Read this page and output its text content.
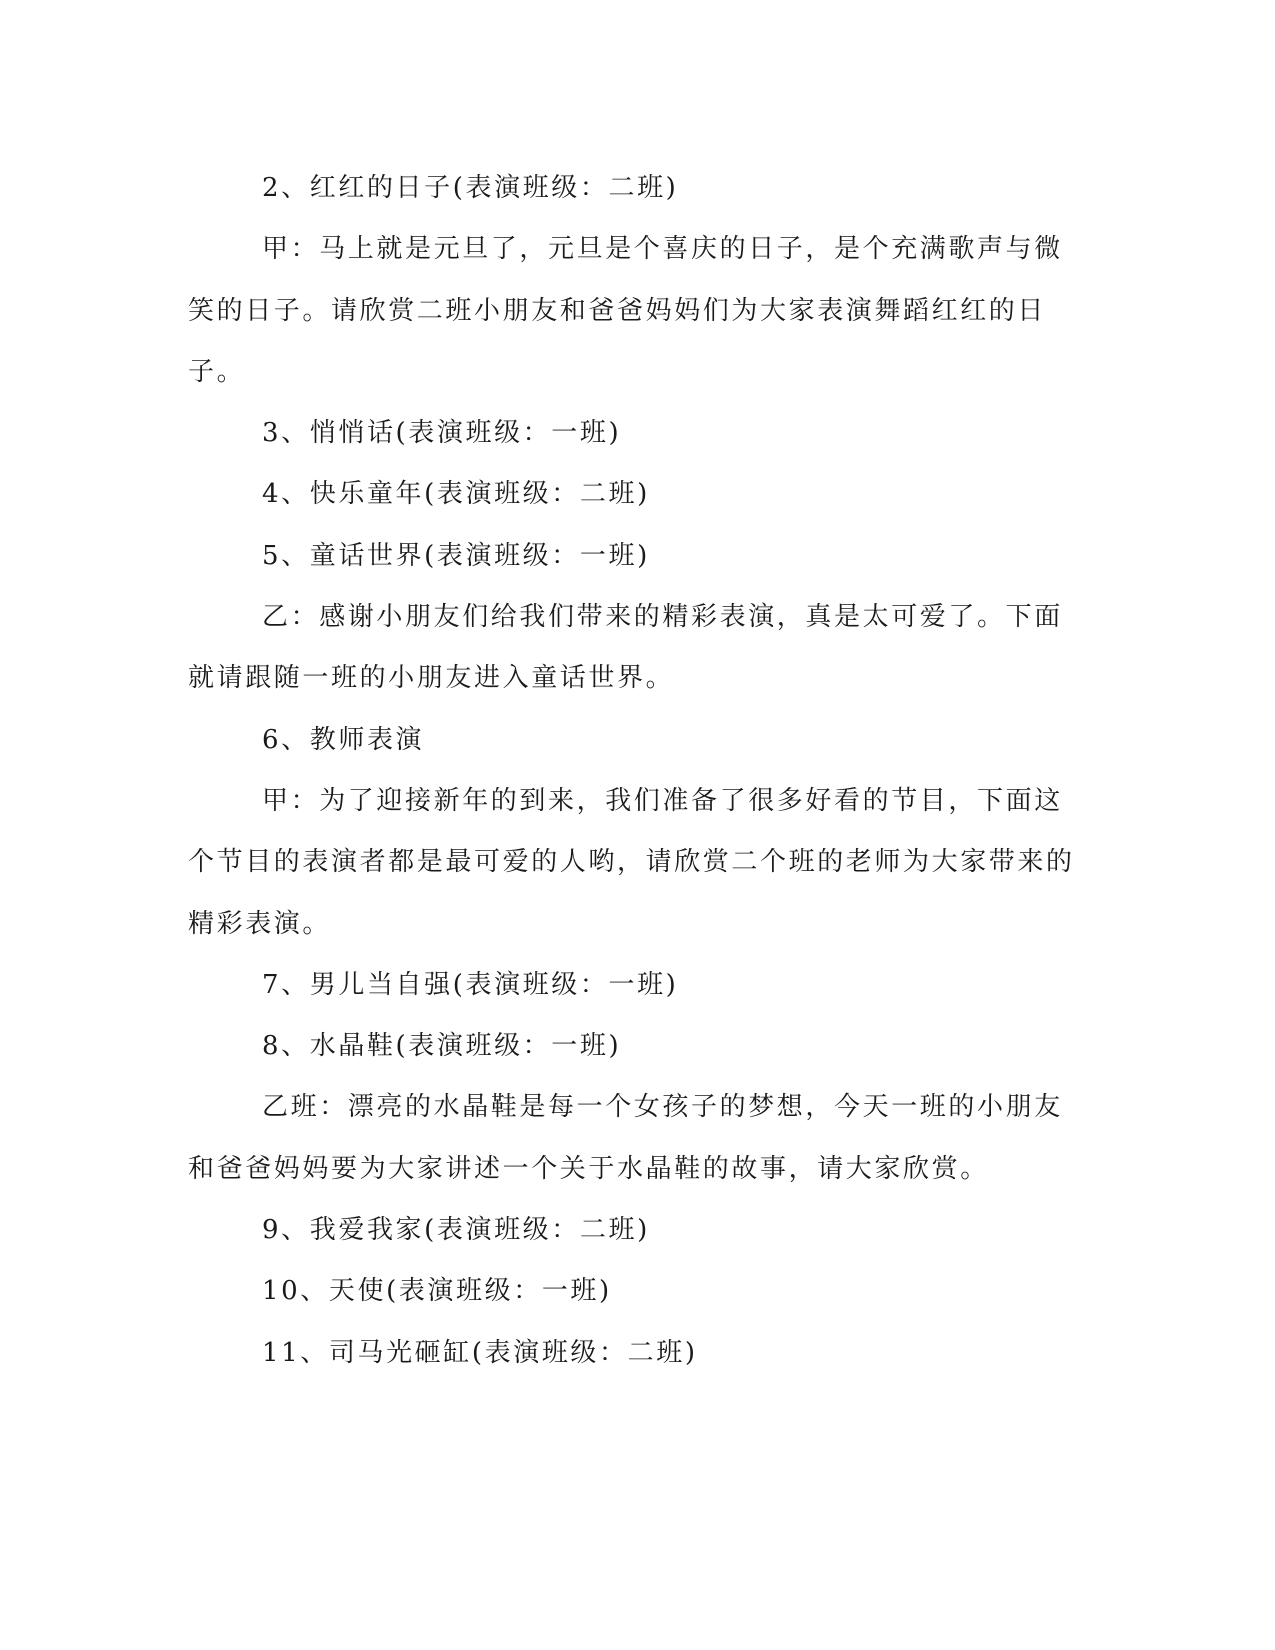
2、红红的日子(表演班级：二班)

甲：马上就是元旦了，元旦是个喜庆的日子，是个充满歌声与微笑的日子。请欣赏二班小朋友和爸爸妈妈们为大家表演舞蹈红红的日子。

3、悄悄话(表演班级：一班)

4、快乐童年(表演班级：二班)

5、童话世界(表演班级：一班)

乙：感谢小朋友们给我们带来的精彩表演，真是太可爱了。下面就请跟随一班的小朋友进入童话世界。

6、教师表演

甲：为了迎接新年的到来，我们准备了很多好看的节目，下面这个节目的表演者都是最可爱的人哟，请欣赏二个班的老师为大家带来的精彩表演。

7、男儿当自强(表演班级：一班)

8、水晶鞋(表演班级：一班)

乙班：漂亮的水晶鞋是每一个女孩子的梦想，今天一班的小朋友和爸爸妈妈要为大家讲述一个关于水晶鞋的故事，请大家欣赏。

9、我爱我家(表演班级：二班)

10、天使(表演班级：一班)

11、司马光砸缸(表演班级：二班)
